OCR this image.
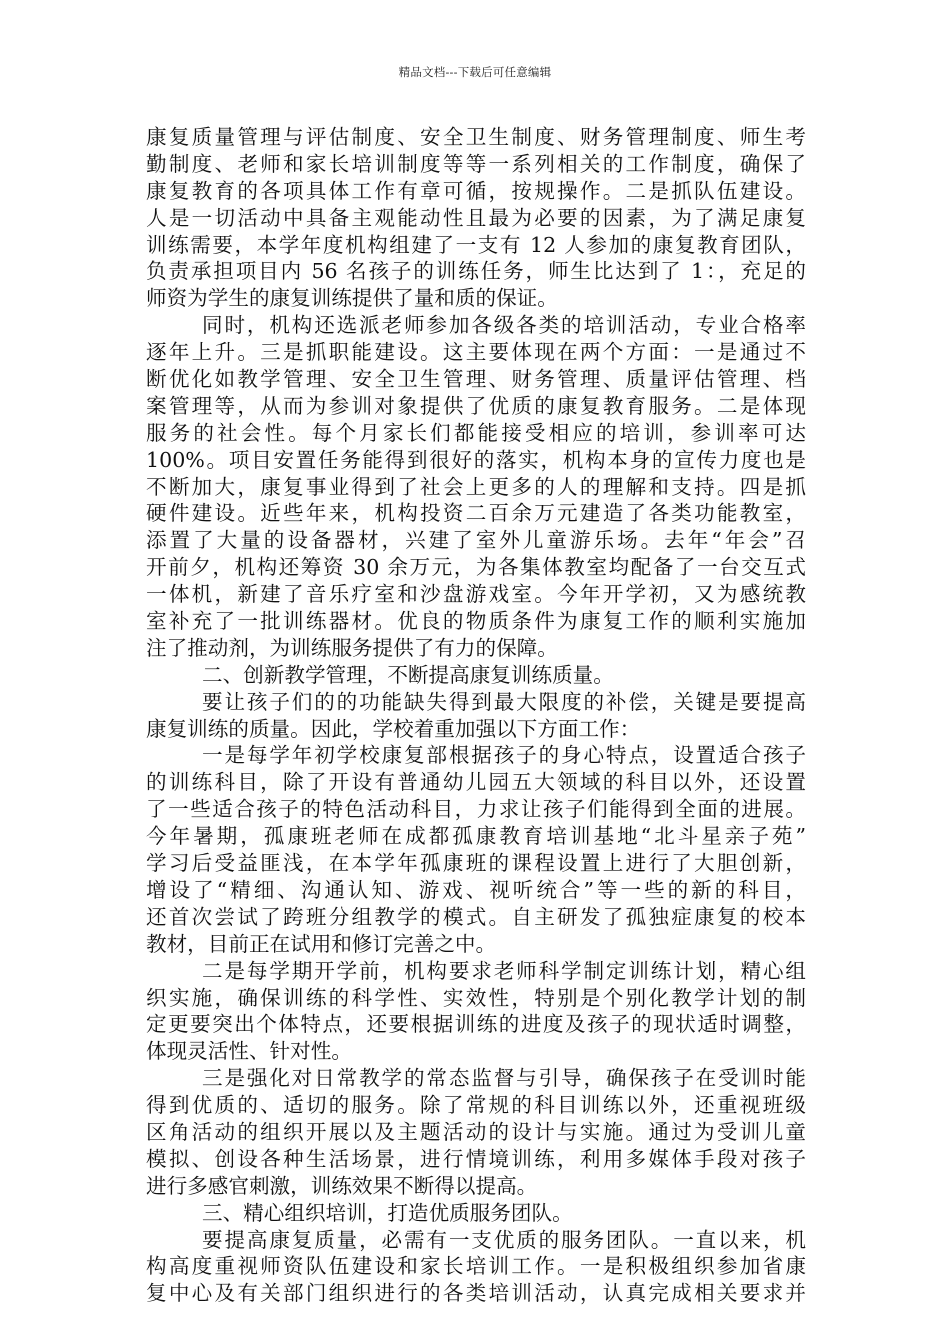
精品文档---下载后可任意编辑
康复质量管理与评估制度、安全卫生制度、财务管理制度、师生考
勤制度、老师和家长培训制度等等一系列相关的工作制度，确保了
康复教育的各项具体工作有章可循，按规操作。二是抓队伍建设。
人是一切活动中具备主观能动性且最为必要的因素，为了满足康复
训练需要，本学年度机构组建了一支有 12 人参加的康复教育团队，
负责承担项目内 56 名孩子的训练任务，师生比达到了 1：，充足的
师资为学生的康复训练提供了量和质的保证。
同时，机构还选派老师参加各级各类的培训活动，专业合格率
逐年上升。三是抓职能建设。这主要体现在两个方面：一是通过不
断优化如教学管理、安全卫生管理、财务管理、质量评估管理、档
案管理等，从而为参训对象提供了优质的康复教育服务。二是体现
服务的社会性。每个月家长们都能接受相应的培训，参训率可达
100%。项目安置任务能得到很好的落实，机构本身的宣传力度也是
不断加大，康复事业得到了社会上更多的人的理解和支持。四是抓
硬件建设。近些年来，机构投资二百余万元建造了各类功能教室，
添置了大量的设备器材，兴建了室外儿童游乐场。去年“年会”召
开前夕，机构还筹资 30 余万元，为各集体教室均配备了一台交互式
一体机，新建了音乐疗室和沙盘游戏室。今年开学初，又为感统教
室补充了一批训练器材。优良的物质条件为康复工作的顺利实施加
注了推动剂，为训练服务提供了有力的保障。
二、创新教学管理，不断提高康复训练质量。
要让孩子们的的功能缺失得到最大限度的补偿，关键是要提高
康复训练的质量。因此，学校着重加强以下方面工作：
一是每学年初学校康复部根据孩子的身心特点，设置适合孩子
的训练科目，除了开设有普通幼儿园五大领域的科目以外，还设置
了一些适合孩子的特色活动科目，力求让孩子们能得到全面的进展。
今年暑期，孤康班老师在成都孤康教育培训基地“北斗星亲子苑”
学习后受益匪浅，在本学年孤康班的课程设置上进行了大胆创新，
增设了“精细、沟通认知、游戏、视听统合”等一些的新的科目，
还首次尝试了跨班分组教学的模式。自主研发了孤独症康复的校本
教材，目前正在试用和修订完善之中。
二是每学期开学前，机构要求老师科学制定训练计划，精心组
织实施，确保训练的科学性、实效性，特别是个别化教学计划的制
定更要突出个体特点，还要根据训练的进度及孩子的现状适时调整，
体现灵活性、针对性。
三是强化对日常教学的常态监督与引导，确保孩子在受训时能
得到优质的、适切的服务。除了常规的科目训练以外，还重视班级
区角活动的组织开展以及主题活动的设计与实施。通过为受训儿童
模拟、创设各种生活场景，进行情境训练，利用多媒体手段对孩子
进行多感官刺激，训练效果不断得以提高。
三、精心组织培训，打造优质服务团队。
要提高康复质量，必需有一支优质的服务团队。一直以来，机
构高度重视师资队伍建设和家长培训工作。一是积极组织参加省康
复中心及有关部门组织进行的各类培训活动，认真完成相关要求并
